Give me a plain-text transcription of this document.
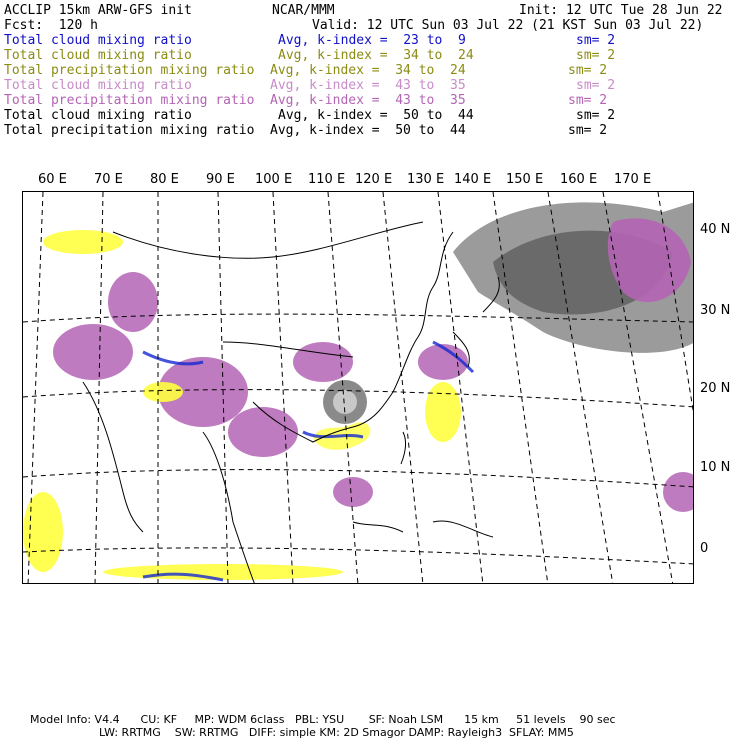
ACCLIP 15km ARW-GFS init	NCAR/MMM	Init: 12 UTC Tue 28 Jun 22
Fcst:  120 h	Valid: 12 UTC Sun 03 Jul 22 (21 KST Sun 03 Jul 22)
Total cloud mixing ratio	Avg, k-index =  23 to  9	sm= 2
Total cloud mixing ratio	Avg, k-index =  34 to  24	sm= 2
Total precipitation mixing ratio Avg, k-index =  34 to  24	sm= 2
Total cloud mixing ratio	Avg, k-index =  43 to  35	sm= 2
Total precipitation mixing ratio Avg, k-index =  43 to  35	sm= 2
Total cloud mixing ratio	Avg, k-index =  50 to  44	sm= 2
Total precipitation mixing ratio Avg, k-index =  50 to  44	sm= 2
60 E 70 E 80 E 90 E 100 E 110 E 120 E 130 E 140 E 150 E 160 E 170 E
40 N
30 N
20 N
10 N
0
Model Info: V4.4      CU: KF     MP: WDM 6class   PBL: YSU       SF: Noah LSM      15 km     51 levels    90 sec
LW: RRTMG    SW: RRTMG   DIFF: simple KM: 2D Smagor DAMP: Rayleigh3  SFLAY: MM5
